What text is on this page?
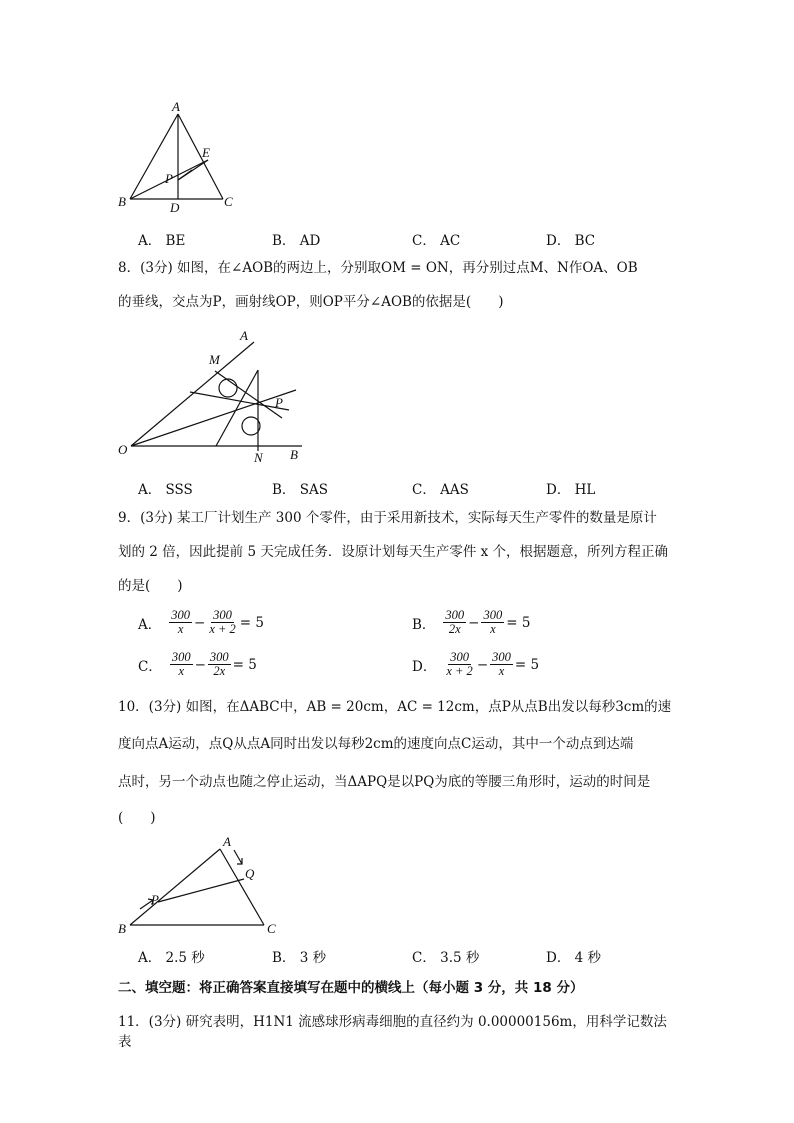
A
E
P
B	D	C
A． BE	B． AD	C． AC	D． BC
8．(3分) 如图，在∠AOB的两边上，分别取OM = ON，再分别过点M、N作OA、OB
的垂线，交点为P，画射线OP，则OP平分∠AOB的依据是(　　)
A
M
P
O
N B
A． SSS	B． SAS	C． AAS	D． HL
9．(3分) 某工厂计划生产 300 个零件，由于采用新技术，实际每天生产零件的数量是原计
划的 2 倍，因此提前 5 天完成任务．设原计划每天生产零件 x 个，根据题意，所列方程正确
的是(　　)
A． $\frac{300}{x} - \frac{300}{x + 2} = 5$	B． $\frac{300}{2x} - \frac{300}{x} = 5$
C． $\frac{300}{x} - \frac{300}{2x} = 5$	D． $\frac{300}{x + 2} - \frac{300}{x} = 5$
10．(3分) 如图，在ΔABC中，AB = 20cm，AC = 12cm，点P从点B出发以每秒3cm的速
度向点A运动，点Q从点A同时出发以每秒2cm的速度向点C运动，其中一个动点到达端
点时，另一个动点也随之停止运动，当ΔAPQ是以PQ为底的等腰三角形时，运动的时间是
(　　)
A
Q
P
B	C
A． 2.5 秒	B． 3 秒	C． 3.5 秒	D． 4 秒
二、填空题：将正确答案直接填写在题中的横线上（每小题 3 分，共 18 分）
11．(3分) 研究表明，H1N1 流感球形病毒细胞的直径约为 0.00000156m，用科学记数法表
